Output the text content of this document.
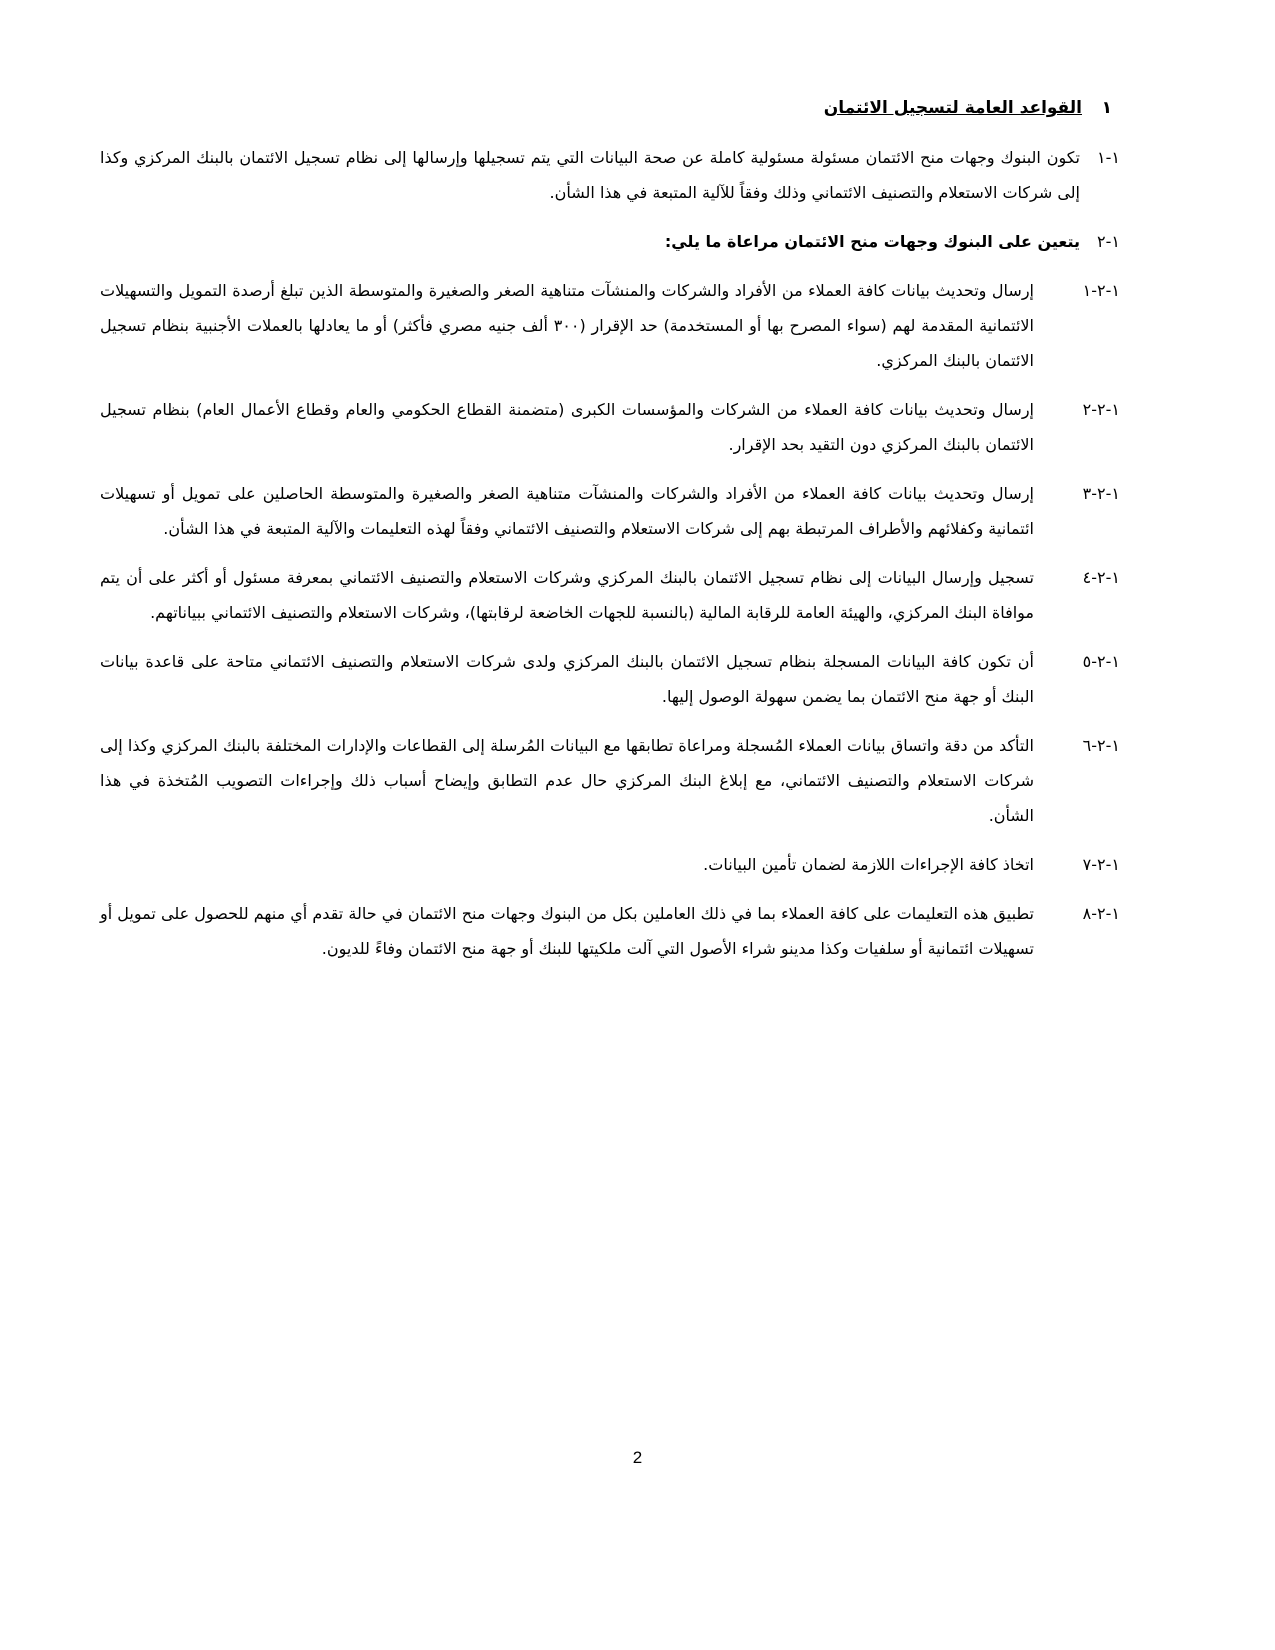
١
القواعد العامة لتسجيل الائتمان
١-١
تكون البنوك وجهات منح الائتمان مسئولة مسئولية كاملة عن صحة البيانات التي يتم تسجيلها وإرسالها إلى نظام تسجيل الائتمان بالبنك المركزي وكذا إلى شركات الاستعلام والتصنيف الائتماني وذلك وفقاً للآلية المتبعة في هذا الشأن.
١-٢
يتعين على البنوك وجهات منح الائتمان مراعاة ما يلي:
١-٢-١
إرسال وتحديث بيانات كافة العملاء من الأفراد والشركات والمنشآت متناهية الصغر والصغيرة والمتوسطة الذين تبلغ أرصدة التمويل والتسهيلات الائتمانية المقدمة لهم (سواء المصرح بها أو المستخدمة) حد الإقرار (٣٠٠ ألف جنيه مصري فأكثر) أو ما يعادلها بالعملات الأجنبية بنظام تسجيل الائتمان بالبنك المركزي.
١-٢-٢
إرسال وتحديث بيانات كافة العملاء من الشركات والمؤسسات الكبرى (متضمنة القطاع الحكومي والعام وقطاع الأعمال العام) بنظام تسجيل الائتمان بالبنك المركزي دون التقيد بحد الإقرار.
١-٢-٣
إرسال وتحديث بيانات كافة العملاء من الأفراد والشركات والمنشآت متناهية الصغر والصغيرة والمتوسطة الحاصلين على تمويل أو تسهيلات ائتمانية وكفلائهم والأطراف المرتبطة بهم إلى شركات الاستعلام والتصنيف الائتماني وفقاً لهذه التعليمات والآلية المتبعة في هذا الشأن.
١-٢-٤
تسجيل وإرسال البيانات إلى نظام تسجيل الائتمان بالبنك المركزي وشركات الاستعلام والتصنيف الائتماني بمعرفة مسئول أو أكثر على أن يتم موافاة البنك المركزي، والهيئة العامة للرقابة المالية (بالنسبة للجهات الخاضعة لرقابتها)، وشركات الاستعلام والتصنيف الائتماني ببياناتهم.
١-٢-٥
أن تكون كافة البيانات المسجلة بنظام تسجيل الائتمان بالبنك المركزي ولدى شركات الاستعلام والتصنيف الائتماني متاحة على قاعدة بيانات البنك أو جهة منح الائتمان بما يضمن سهولة الوصول إليها.
١-٢-٦
التأكد من دقة واتساق بيانات العملاء المُسجلة ومراعاة تطابقها مع البيانات المُرسلة إلى القطاعات والإدارات المختلفة بالبنك المركزي وكذا إلى شركات الاستعلام والتصنيف الائتماني، مع إبلاغ البنك المركزي حال عدم التطابق وإيضاح أسباب ذلك وإجراءات التصويب المُتخذة في هذا الشأن.
١-٢-٧
اتخاذ كافة الإجراءات اللازمة لضمان تأمين البيانات.
١-٢-٨
تطبيق هذه التعليمات على كافة العملاء بما في ذلك العاملين بكل من البنوك وجهات منح الائتمان في حالة تقدم أي منهم للحصول على تمويل أو تسهيلات ائتمانية أو سلفيات وكذا مدينو شراء الأصول التي آلت ملكيتها للبنك أو جهة منح الائتمان وفاءً للديون.
2
